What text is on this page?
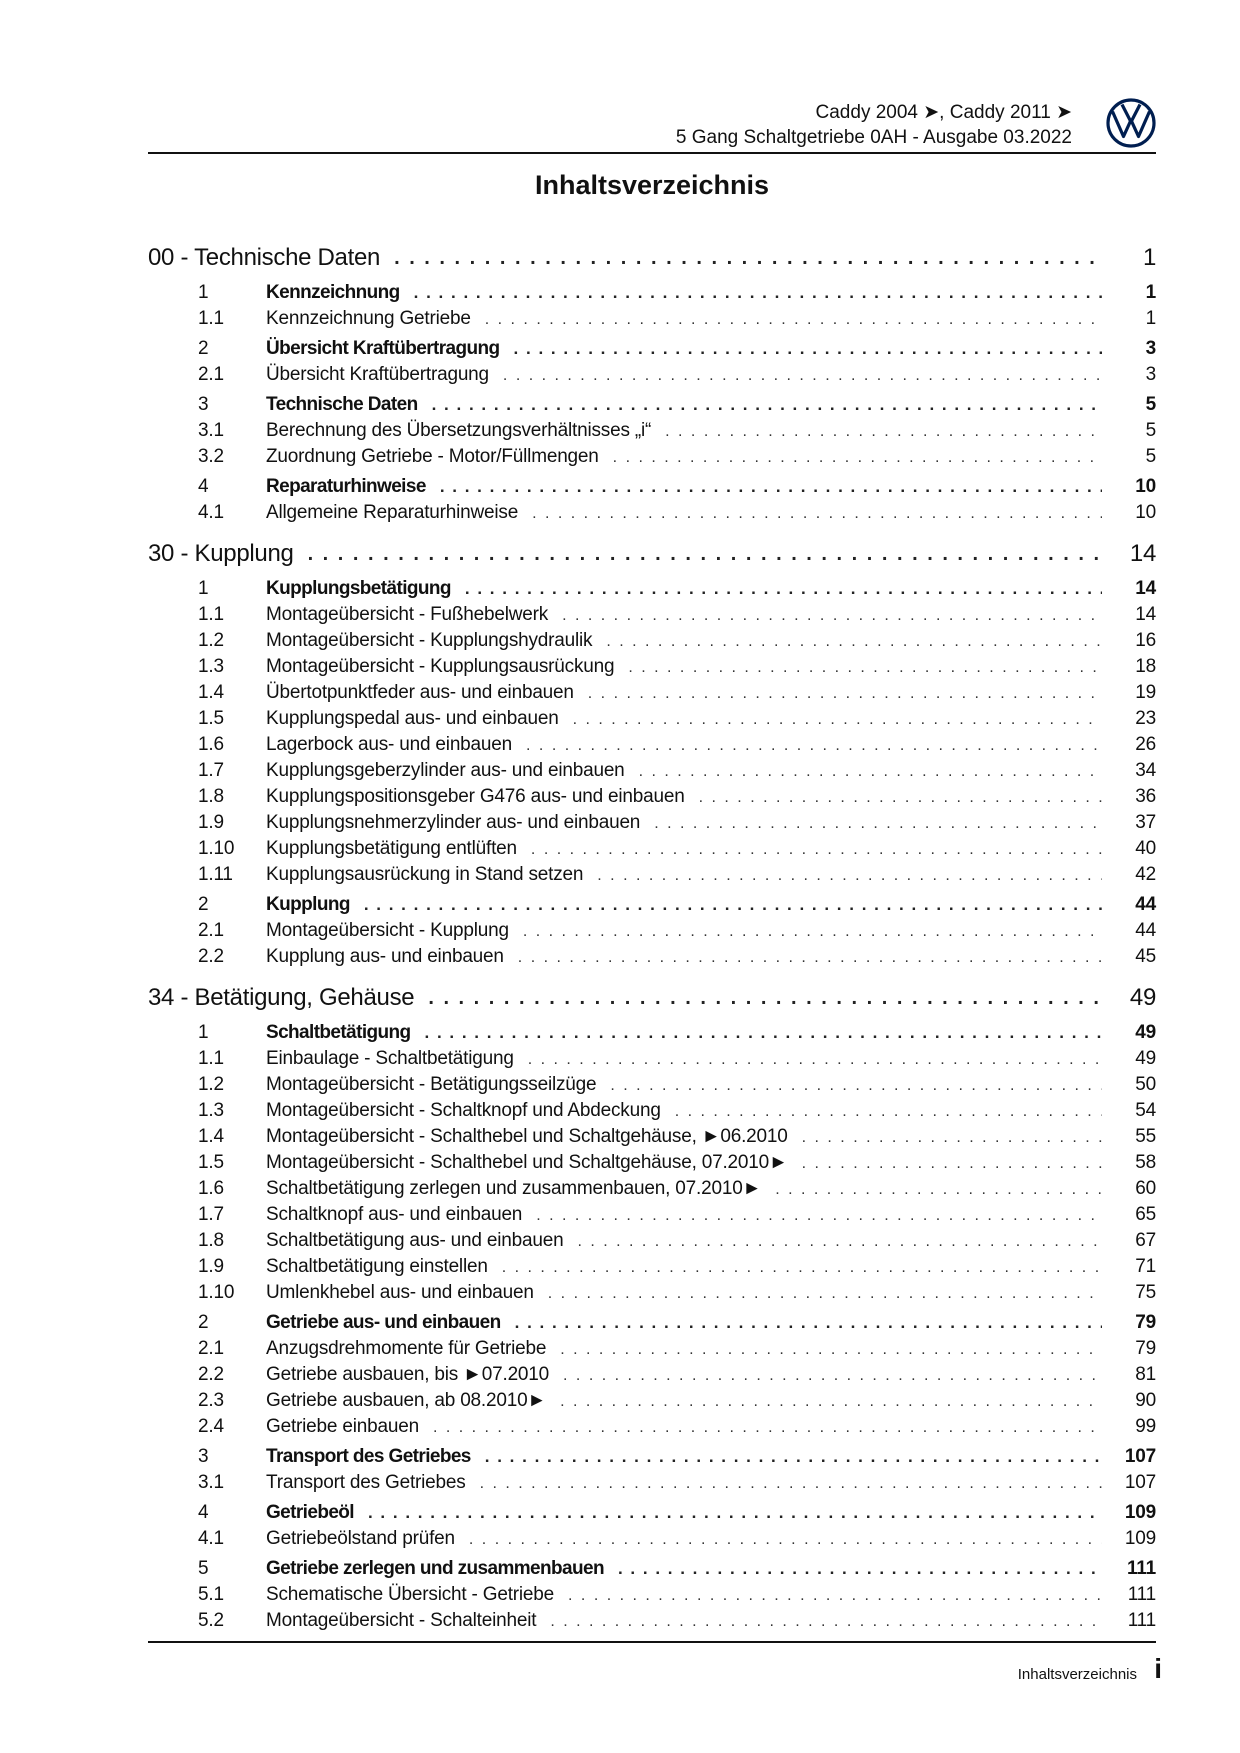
Caddy 2004 ➤, Caddy 2011 ➤
5 Gang Schaltgetriebe 0AH - Ausgabe 03.2022
Inhaltsverzeichnis
00 - Technische Daten . . .	1
1	Kennzeichnung . . .	1
1.1	Kennzeichnung Getriebe . . .	1
2	Übersicht Kraftübertragung . . .	3
2.1	Übersicht Kraftübertragung . . .	3
3	Technische Daten . . .	5
3.1	Berechnung des Übersetzungsverhältnisses „i“ . . .	5
3.2	Zuordnung Getriebe - Motor/Füllmengen . . .	5
4	Reparaturhinweise . . .	10
4.1	Allgemeine Reparaturhinweise . . .	10
30 - Kupplung . . .	14
1	Kupplungsbetätigung . . .	14
1.1	Montageübersicht - Fußhebelwerk . . .	14
1.2	Montageübersicht - Kupplungshydraulik . . .	16
1.3	Montageübersicht - Kupplungsausrückung . . .	18
1.4	Übertotpunktfeder aus- und einbauen . . .	19
1.5	Kupplungspedal aus- und einbauen . . .	23
1.6	Lagerbock aus- und einbauen . . .	26
1.7	Kupplungsgeberzylinder aus- und einbauen . . .	34
1.8	Kupplungspositionsgeber G476 aus- und einbauen . . .	36
1.9	Kupplungsnehmerzylinder aus- und einbauen . . .	37
1.10	Kupplungsbetätigung entlüften . . .	40
1.11	Kupplungsausrückung in Stand setzen . . .	42
2	Kupplung . . .	44
2.1	Montageübersicht - Kupplung . . .	44
2.2	Kupplung aus- und einbauen . . .	45
34 - Betätigung, Gehäuse . . .	49
1	Schaltbetätigung . . .	49
1.1	Einbaulage - Schaltbetätigung . . .	49
1.2	Montageübersicht - Betätigungsseilzüge . . .	50
1.3	Montageübersicht - Schaltknopf und Abdeckung . . .	54
1.4	Montageübersicht - Schalthebel und Schaltgehäuse, ►06.2010 . . .	55
1.5	Montageübersicht - Schalthebel und Schaltgehäuse, 07.2010► . . .	58
1.6	Schaltbetätigung zerlegen und zusammenbauen, 07.2010► . . .	60
1.7	Schaltknopf aus- und einbauen . . .	65
1.8	Schaltbetätigung aus- und einbauen . . .	67
1.9	Schaltbetätigung einstellen . . .	71
1.10	Umlenkhebel aus- und einbauen . . .	75
2	Getriebe aus- und einbauen . . .	79
2.1	Anzugsdrehmomente für Getriebe . . .	79
2.2	Getriebe ausbauen, bis ►07.2010 . . .	81
2.3	Getriebe ausbauen, ab 08.2010► . . .	90
2.4	Getriebe einbauen . . .	99
3	Transport des Getriebes . . .	107
3.1	Transport des Getriebes . . .	107
4	Getriebeöl . . .	109
4.1	Getriebeölstand prüfen . . .	109
5	Getriebe zerlegen und zusammenbauen . . .	111
5.1	Schematische Übersicht - Getriebe . . .	111
5.2	Montageübersicht - Schalteinheit . . .	111
Inhaltsverzeichnis i
